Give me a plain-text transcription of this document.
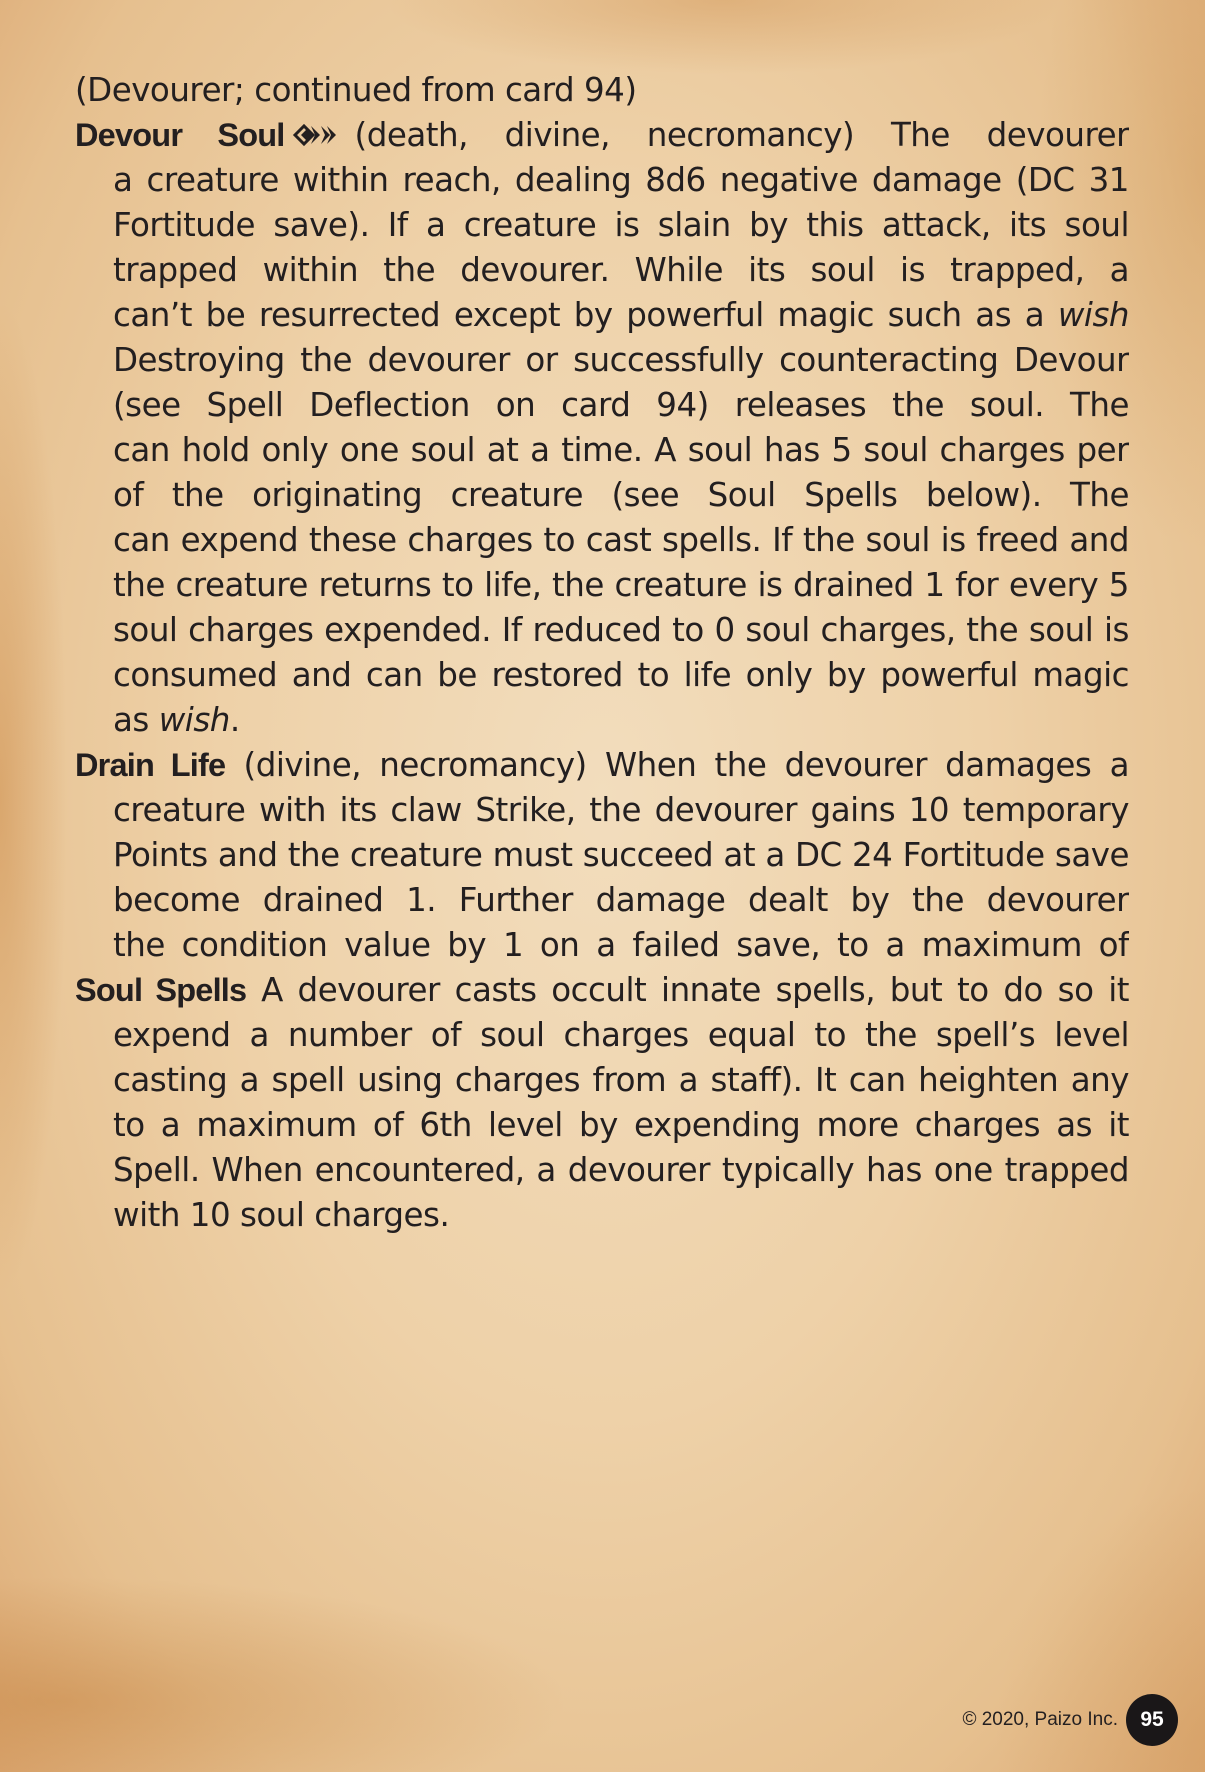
(Devourer; continued from card 94)
Devour Soul (death, divine, necromancy) The devourer
a creature within reach, dealing 8d6 negative damage (DC 31
Fortitude save). If a creature is slain by this attack, its soul
trapped within the devourer. While its soul is trapped, a
can’t be resurrected except by powerful magic such as a wish
Destroying the devourer or successfully counteracting Devour
(see Spell Deflection on card 94) releases the soul. The
can hold only one soul at a time. A soul has 5 soul charges per
of the originating creature (see Soul Spells below). The
can expend these charges to cast spells. If the soul is freed and
the creature returns to life, the creature is drained 1 for every 5
soul charges expended. If reduced to 0 soul charges, the soul is
consumed and can be restored to life only by powerful magic
as wish.
Drain Life (divine, necromancy) When the devourer damages a
creature with its claw Strike, the devourer gains 10 temporary
Points and the creature must succeed at a DC 24 Fortitude save
become drained 1. Further damage dealt by the devourer
the condition value by 1 on a failed save, to a maximum of
Soul Spells A devourer casts occult innate spells, but to do so it
expend a number of soul charges equal to the spell’s level
casting a spell using charges from a staff). It can heighten any
to a maximum of 6th level by expending more charges as it
Spell. When encountered, a devourer typically has one trapped
with 10 soul charges.
© 2020, Paizo Inc.	95
